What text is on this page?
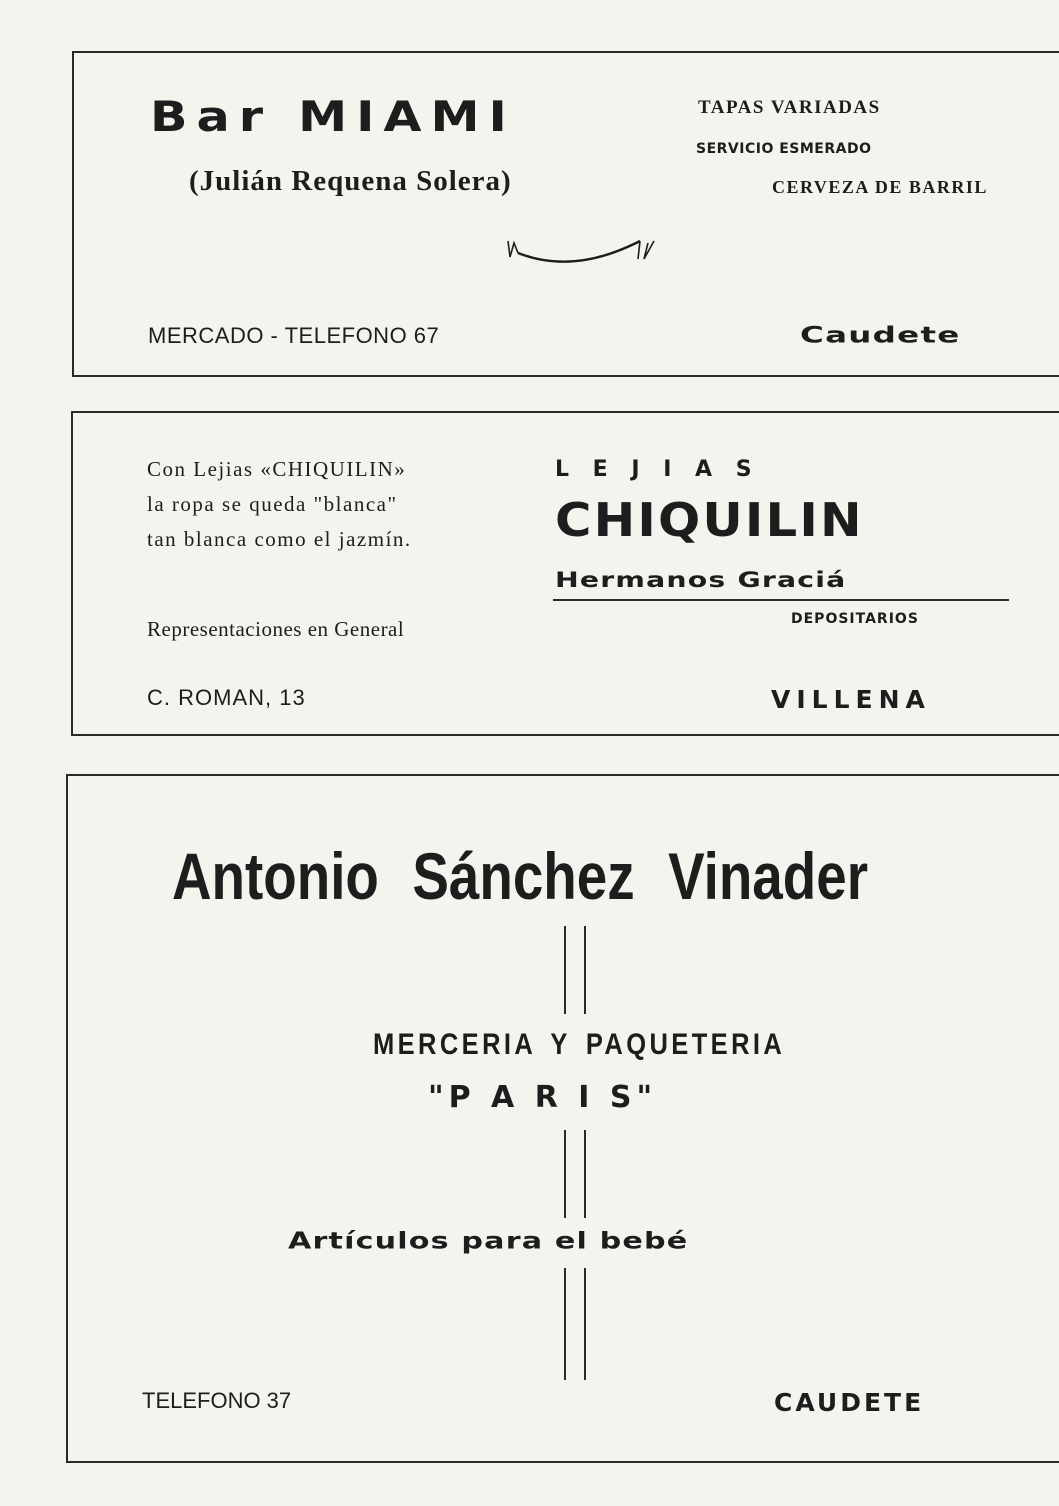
Bar MIAMI
(Julián Requena Solera)
TAPAS VARIADAS
SERVICIO ESMERADO
CERVEZA DE BARRIL
MERCADO - TELEFONO 67	Caudete
Con Lejias «CHIQUILIN»
la ropa se queda "blanca"
tan blanca como el jazmín.
Representaciones en General
C. ROMAN, 13
L E J I A S
CHIQUILIN
Hermanos Graciá
DEPOSITARIOS
VILLENA
Antonio Sánchez Vinader
MERCERIA Y PAQUETERIA
"P A R I S"
Artículos para el bebé
TELEFONO 37	CAUDETE
